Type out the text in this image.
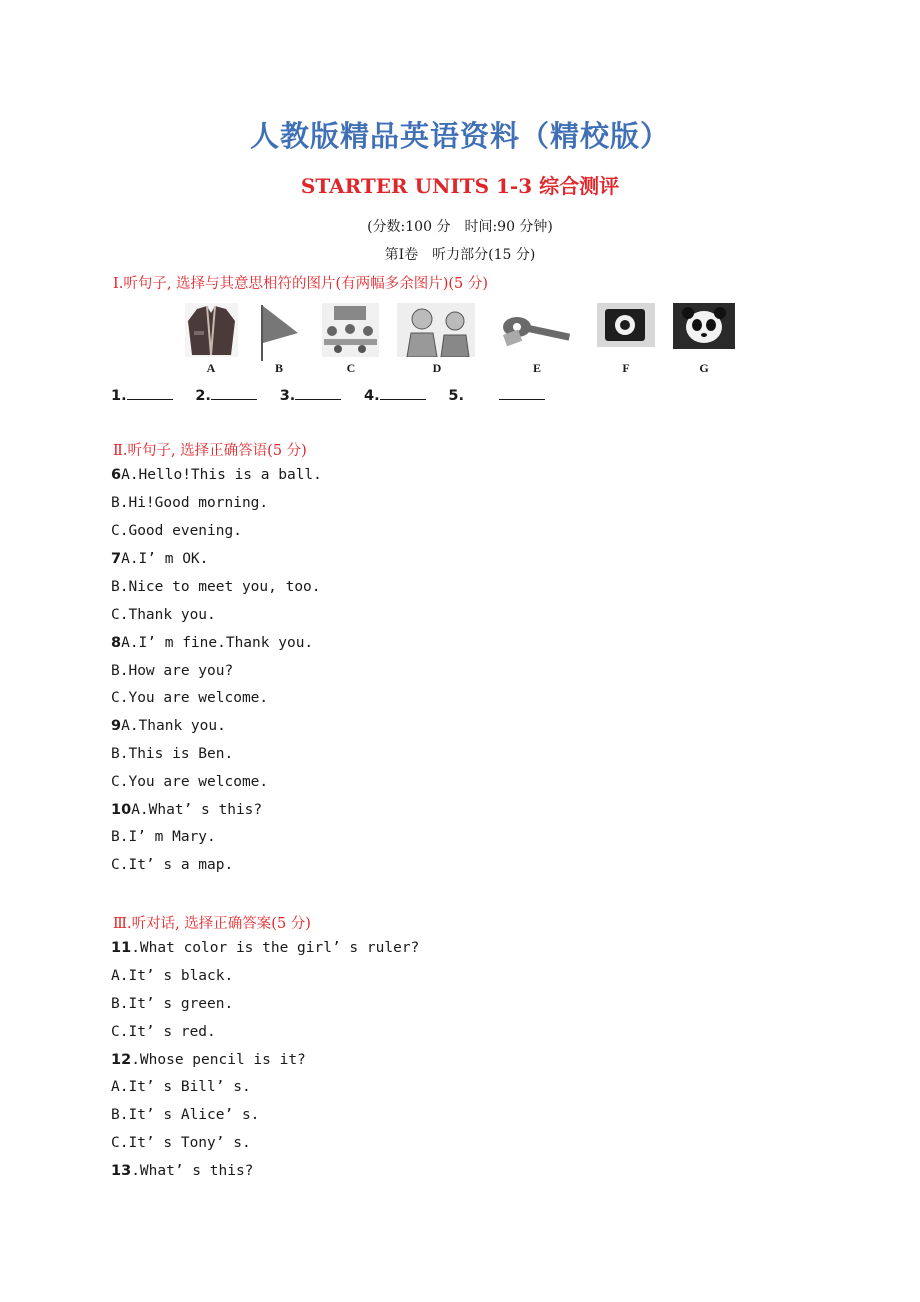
人教版精品英语资料（精校版）
STARTER UNITS 1-3 综合测评
(分数:100 分　时间:90 分钟)
第Ⅰ卷　听力部分(15 分)
Ⅰ.听句子, 选择与其意思相符的图片(有两幅多余图片)(5 分)
A	B	C	D	E	F	G
1.	2.	3.	4.	5.
Ⅱ.听句子, 选择正确答语(5 分)
6A.Hello!This is a ball.
B.Hi!Good morning.
C.Good evening.
7A.I’ m OK.
B.Nice to meet you, too.
C.Thank you.
8A.I’ m fine.Thank you.
B.How are you?
C.You are welcome.
9A.Thank you.
B.This is Ben.
C.You are welcome.
10A.What’ s this?
B.I’ m Mary.
C.It’ s a map.
Ⅲ.听对话, 选择正确答案(5 分)
11.What color is the girl’ s ruler?
A.It’ s black.
B.It’ s green.
C.It’ s red.
12.Whose pencil is it?
A.It’ s Bill’ s.
B.It’ s Alice’ s.
C.It’ s Tony’ s.
13.What’ s this?
